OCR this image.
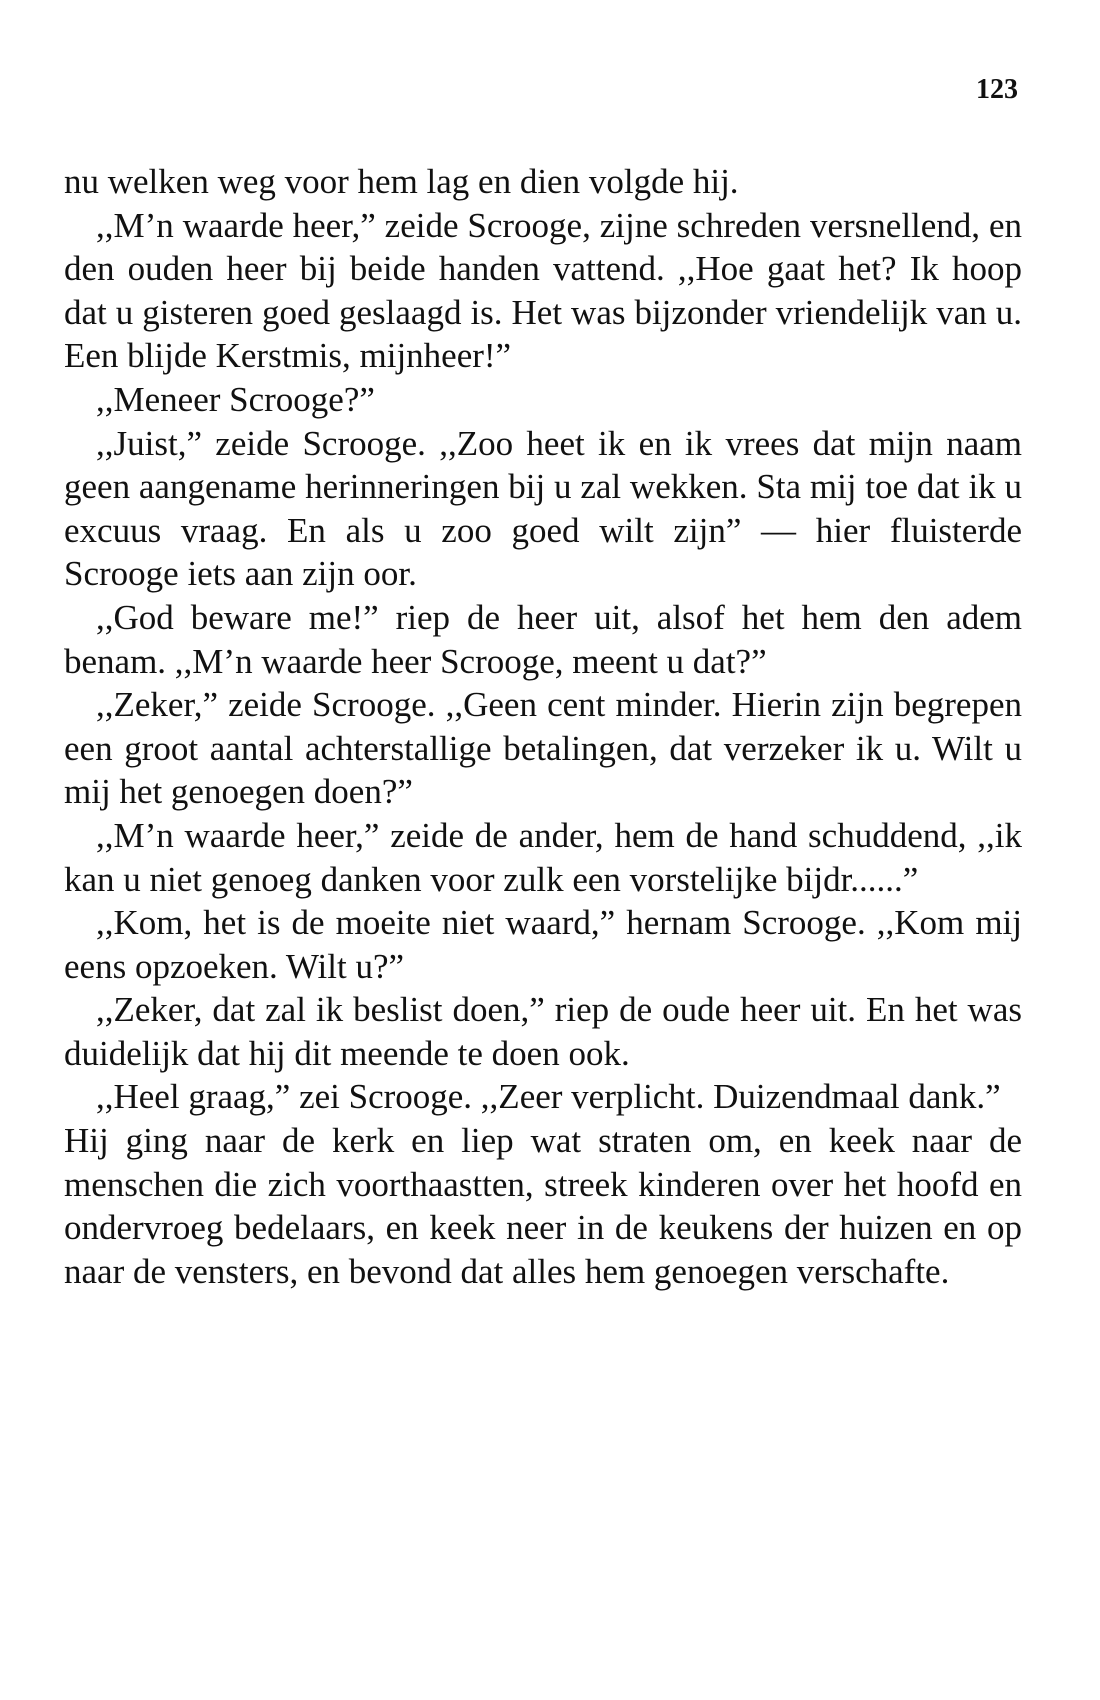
123

nu welken weg voor hem lag en dien volgde hij.

,,M’n waarde heer,” zeide Scrooge, zijne schreden versnellend, en den ouden heer bij beide handen vattend. ,,Hoe gaat het? Ik hoop dat u gisteren goed geslaagd is. Het was bijzonder vriendelijk van u. Een blijde Kerstmis, mijnheer!”

,,Meneer Scrooge?”

,,Juist,” zeide Scrooge. ,,Zoo heet ik en ik vrees dat mijn naam geen aangename herinneringen bij u zal wekken. Sta mij toe dat ik u excuus vraag. En als u zoo goed wilt zijn” — hier fluisterde Scrooge iets aan zijn oor.

,,God beware me!” riep de heer uit, alsof het hem den adem benam. ,,M’n waarde heer Scrooge, meent u dat?”

,,Zeker,” zeide Scrooge. ,,Geen cent minder. Hierin zijn begrepen een groot aantal achterstallige betalingen, dat verzeker ik u. Wilt u mij het genoegen doen?”

,,M’n waarde heer,” zeide de ander, hem de hand schuddend, ,,ik kan u niet genoeg danken voor zulk een vorstelijke bijdr......”

,,Kom, het is de moeite niet waard,” hernam Scrooge. ,,Kom mij eens opzoeken. Wilt u?”

,,Zeker, dat zal ik beslist doen,” riep de oude heer uit. En het was duidelijk dat hij dit meende te doen ook.

,,Heel graag,” zei Scrooge. ,,Zeer verplicht. Duizendmaal dank.”

Hij ging naar de kerk en liep wat straten om, en keek naar de menschen die zich voorthaastten, streek kinderen over het hoofd en ondervroeg bedelaars, en keek neer in de keukens der huizen en op naar de vensters, en bevond dat alles hem genoegen verschafte.
